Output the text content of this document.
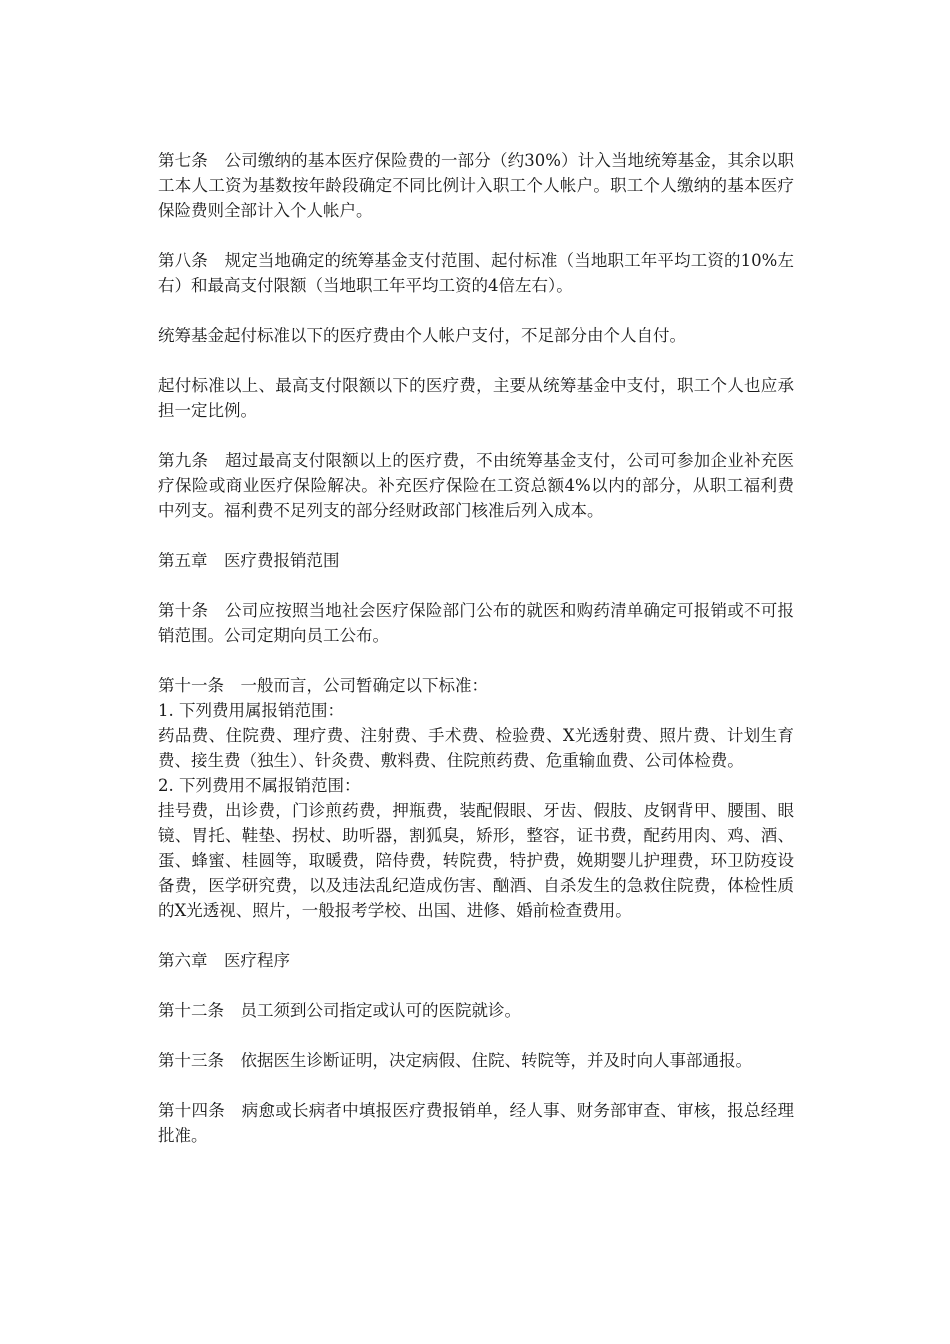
第七条　公司缴纳的基本医疗保险费的一部分（约30%）计入当地统筹基金，其余以职工本人工资为基数按年龄段确定不同比例计入职工个人帐户。职工个人缴纳的基本医疗保险费则全部计入个人帐户。
第八条　规定当地确定的统筹基金支付范围、起付标准（当地职工年平均工资的10%左右）和最高支付限额（当地职工年平均工资的4倍左右）。
统筹基金起付标准以下的医疗费由个人帐户支付，不足部分由个人自付。
起付标准以上、最高支付限额以下的医疗费，主要从统筹基金中支付，职工个人也应承担一定比例。
第九条　超过最高支付限额以上的医疗费，不由统筹基金支付，公司可参加企业补充医疗保险或商业医疗保险解决。补充医疗保险在工资总额4%以内的部分，从职工福利费中列支。福利费不足列支的部分经财政部门核准后列入成本。
第五章　医疗费报销范围
第十条　公司应按照当地社会医疗保险部门公布的就医和购药清单确定可报销或不可报销范围。公司定期向员工公布。
第十一条　一般而言，公司暂确定以下标准：
1. 下列费用属报销范围：
药品费、住院费、理疗费、注射费、手术费、检验费、X光透射费、照片费、计划生育费、接生费（独生）、针灸费、敷料费、住院煎药费、危重输血费、公司体检费。
2. 下列费用不属报销范围：
挂号费，出诊费，门诊煎药费，押瓶费，装配假眼、牙齿、假肢、皮钢背甲、腰围、眼镜、胃托、鞋垫、拐杖、助听器，割狐臭，矫形，整容，证书费，配药用肉、鸡、酒、蛋、蜂蜜、桂圆等，取暖费，陪侍费，转院费，特护费，娩期婴儿护理费，环卫防疫设备费，医学研究费，以及违法乱纪造成伤害、酗酒、自杀发生的急救住院费，体检性质的X光透视、照片，一般报考学校、出国、进修、婚前检查费用。
第六章　医疗程序
第十二条　员工须到公司指定或认可的医院就诊。
第十三条　依据医生诊断证明，决定病假、住院、转院等，并及时向人事部通报。
第十四条　病愈或长病者中填报医疗费报销单，经人事、财务部审查、审核，报总经理批准。
